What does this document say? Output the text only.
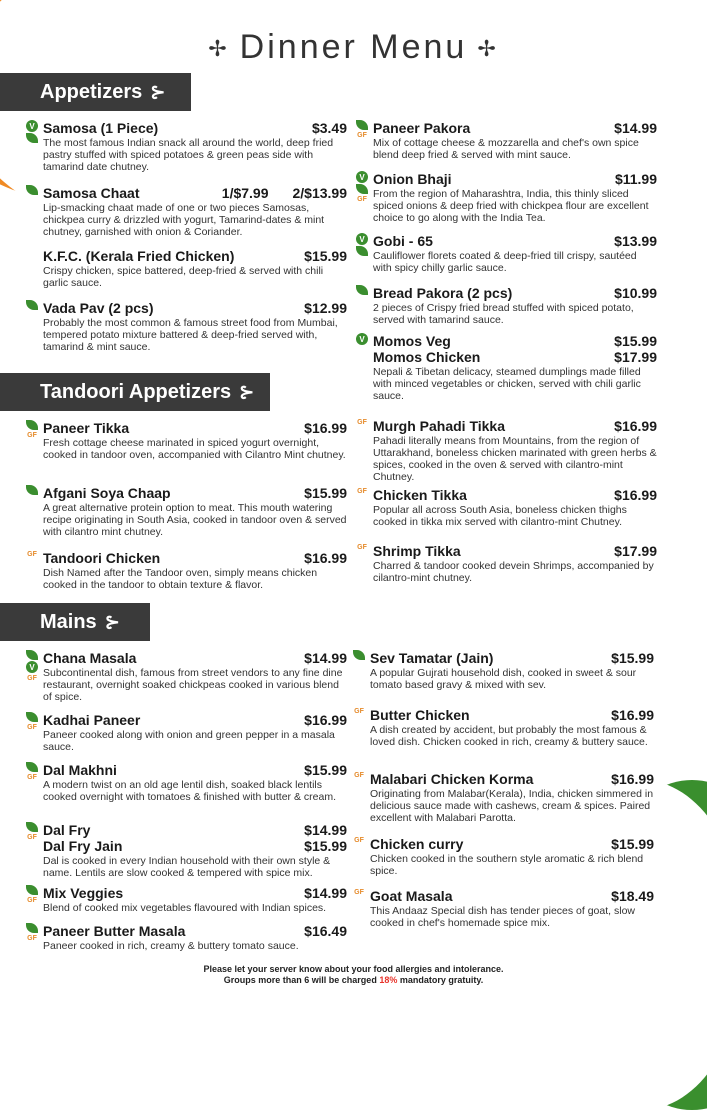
✢ Dinner Menu ✢
Appetizers ⊱
V Samosa (1 Piece)	$3.49
The most famous Indian snack all around the world, deep fried pastry stuffed with spiced potatoes & green peas side with tamarind date chutney.
Samosa Chaat	1/$7.99 2/$13.99
Lip-smacking chaat made of one or two pieces Samosas, chickpea curry & drizzled with yogurt, Tamarind-dates & mint chutney, garnished with onion & Coriander.
K.F.C. (Kerala Fried Chicken)	$15.99
Crispy chicken, spice battered, deep-fried & served with chili garlic sauce.
Vada Pav (2 pcs)	$12.99
Probably the most common & famous street food from Mumbai, tempered potato mixture battered & deep-fried served with, tamarind & mint sauce.
GF Paneer Pakora	$14.99
Mix of cottage cheese & mozzarella and chef's own spice blend deep fried & served with mint sauce.
V
GF
Onion Bhaji	$11.99
From the region of Maharashtra, India, this thinly sliced spiced onions & deep fried with chickpea flour are excellent choice to go along with the India Tea.
V Gobi - 65	$13.99
Cauliflower florets coated & deep-fried till crispy, sautéed with spicy chilly garlic sauce.
Bread Pakora (2 pcs)	$10.99
2 pieces of Crispy fried bread stuffed with spiced potato, served with tamarind sauce.
V Momos Veg	$15.99
Momos Chicken	$17.99
Nepali & Tibetan delicacy, steamed dumplings made filled with minced vegetables or chicken, served with chili garlic sauce.
Tandoori Appetizers ⊱
GF Paneer Tikka	$16.99
Fresh cottage cheese marinated in spiced yogurt overnight, cooked in tandoor oven, accompanied with Cilantro Mint chutney.
Afgani Soya Chaap	$15.99
A great alternative protein option to meat. This mouth watering recipe originating in South Asia, cooked in tandoor oven & served with cilantro mint chutney.
GF Tandoori Chicken	$16.99
Dish Named after the Tandoor oven, simply means chicken cooked in the tandoor to obtain texture & flavor.
GF Murgh Pahadi Tikka	$16.99
Pahadi literally means from Mountains, from the region of Uttarakhand, boneless chicken marinated with green herbs & spices, cooked in the oven & served with cilantro-mint Chutney.
GF Chicken Tikka	$16.99
Popular all across South Asia, boneless chicken thighs cooked in tikka mix served with cilantro-mint Chutney.
GF Shrimp Tikka	$17.99
Charred & tandoor cooked devein Shrimps, accompanied by cilantro-mint chutney.
Mains ⊱
V
GF
Chana Masala	$14.99
Subcontinental dish, famous from street vendors to any fine dine restaurant, overnight soaked chickpeas cooked in various blend of spice.
GF Kadhai Paneer	$16.99
Paneer cooked along with onion and green pepper in a masala sauce.
GF Dal Makhni	$15.99
A modern twist on an old age lentil dish, soaked black lentils cooked overnight with tomatoes & finished with butter & cream.
GF Dal Fry	$14.99
Dal Fry Jain	$15.99
Dal is cooked in every Indian household with their own style & name. Lentils are slow cooked & tempered with spice mix.
GF Mix Veggies	$14.99
Blend of cooked mix vegetables flavoured with Indian spices.
GF Paneer Butter Masala	$16.49
Paneer cooked in rich, creamy & buttery tomato sauce.
Sev Tamatar (Jain)	$15.99
A popular Gujrati household dish, cooked in sweet & sour tomato based gravy & mixed with sev.
GF Butter Chicken	$16.99
A dish created by accident, but probably the most famous & loved dish. Chicken cooked in rich, creamy & buttery sauce.
GF Malabari Chicken Korma	$16.99
Originating from Malabar(Kerala), India, chicken simmered in delicious sauce made with cashews, cream & spices. Paired excellent with Malabari Parotta.
GF Chicken curry	$15.99
Chicken cooked in the southern style aromatic & rich blend spice.
GF Goat Masala	$18.49
This Andaaz Special dish has tender pieces of goat, slow cooked in chef's homemade spice mix.
Please let your server know about your food allergies and intolerance.
Groups more than 6 will be charged 18% mandatory gratuity.
